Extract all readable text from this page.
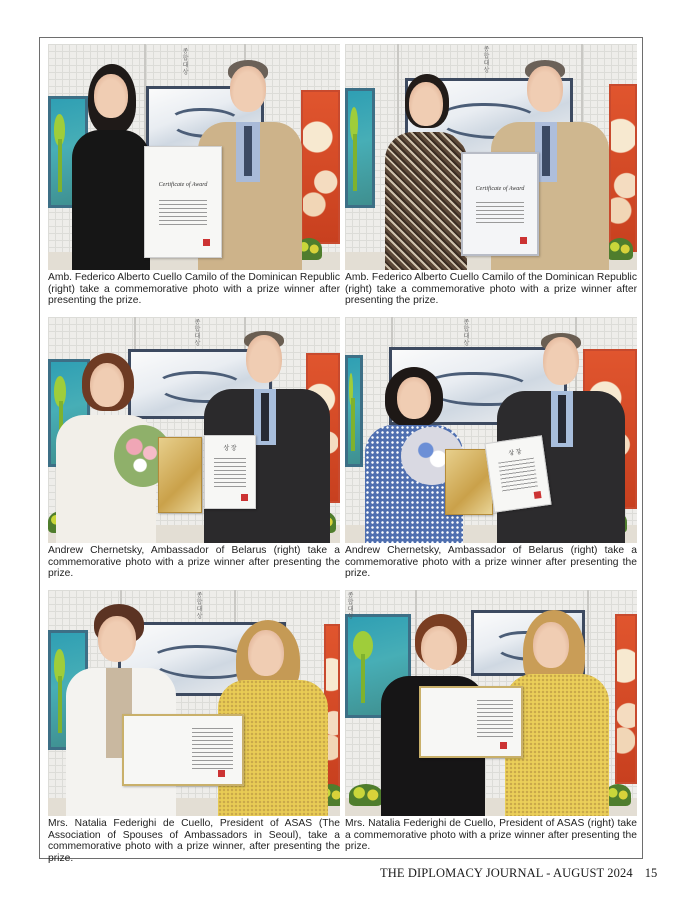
종합대상
Certificate of Award

Amb. Federico Alberto Cuello Camilo of the Dominican Republic (right) take a commemorative photo with a prize winner after presenting the prize.

종합대상
Certificate of Award

Amb. Federico Alberto Cuello Camilo of the Dominican Republic (right) take a commemorative photo with a prize winner after presenting the prize.

종합대상
상 장

Andrew Chernetsky, Ambassador of Belarus (right) take a commemorative photo with a prize winner after presenting the prize.

종합대상
상 장

Andrew Chernetsky, Ambassador of Belarus (right) take a commemorative photo with a prize winner after presenting the prize.

종합대상

Mrs. Natalia Federighi de Cuello, President of ASAS (The Association of Spouses of Ambassadors in Seoul), take a commemorative photo with a prize winner, after presenting the prize.

종합대상

Mrs. Natalia Federighi de Cuello, President of ASAS (right) take a commemorative photo with a prize winner after presenting the prize.

THE DIPLOMACY JOURNAL - AUGUST 2024 15
